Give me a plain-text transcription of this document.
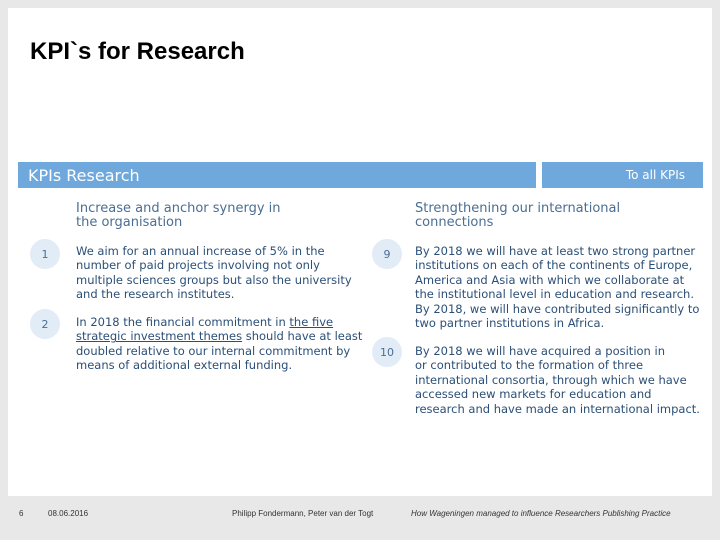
KPI`s for Research
KPIs Research	To all KPIs
Increase and anchor synergy in
the organisation
Strengthening our international
connections
1	We aim for an annual increase of 5% in the
number of paid projects involving not only
multiple sciences groups but also the university
and the research institutes.
2	In 2018 the financial commitment in the five
strategic investment themes should have at least
doubled relative to our internal commitment by
means of additional external funding.
9	By 2018 we will have at least two strong partner
institutions on each of the continents of Europe,
America and Asia with which we collaborate at
the institutional level in education and research.
By 2018, we will have contributed significantly to
two partner institutions in Africa.
10	By 2018 we will have acquired a position in
or contributed to the formation of three
international consortia, through which we have
accessed new markets for education and
research and have made an international impact.
6	08.06.2016	Philipp Fondermann, Peter van der Togt	How Wageningen managed to influence Researchers Publishing Practice
